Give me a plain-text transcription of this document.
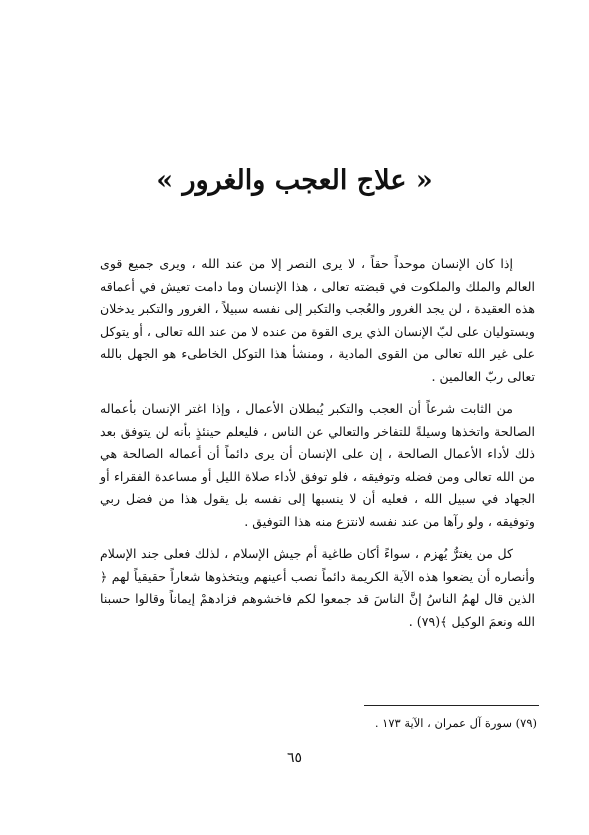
« علاج العجب والغرور »

إذا كان الإنسان موحداً حقاً ، لا يرى النصر إلا من عند الله ، ويرى جميع قوى العالم والملك والملكوت في قبضته تعالى ، هذا الإنسان وما دامت تعيش في أعماقه هذه العقيدة ، لن يجد الغرور والعُجب والتكبر إلى نفسه سبيلاً ، الغرور والتكبر يدخلان ويستوليان على لبّ الإنسان الذي يرى القوة من عنده لا من عند الله تعالى ، أو يتوكل على غير الله تعالى من القوى المادية ، ومنشأ هذا التوكل الخاطىء هو الجهل بالله تعالى ربّ العالمين .

من الثابت شرعاً أن العجب والتكبر يُبطلان الأعمال ، وإذا اغتر الإنسان بأعماله الصالحة واتخذها وسيلةً للتفاخر والتعالي عن الناس ، فليعلم حينئذٍ بأنه لن يتوفق بعد ذلك لأداء الأعمال الصالحة ، إن على الإنسان أن يرى دائماً أن أعماله الصالحة هي من الله تعالى ومن فضله وتوفيقه ، فلو توفق لأداء صلاة الليل أو مساعدة الفقراء أو الجهاد في سبيل الله ، فعليه أن لا ينسبها إلى نفسه بل يقول هذا من فضل ربي وتوفيقه ، ولو رآها من عند نفسه لانتزع منه هذا التوفيق .

كل من يغترُّ يُهزم ، سواءً أكان طاغية أم جيش الإسلام ، لذلك فعلى جند الإسلام وأنصاره أن يضعوا هذه الآية الكريمة دائماً نصب أعينهم ويتخذوها شعاراً حقيقياً لهم ﴿ الذين قال لهمُ الناسُ إنَّ الناسَ قد جمعوا لكم فاخشوهم فزادهمْ إيماناً وقالوا حسبنا الله ونعمَ الوكيل ﴾(٧٩) .

(٧٩) سورة آل عمران ، الآية ١٧٣ .
٦٥
